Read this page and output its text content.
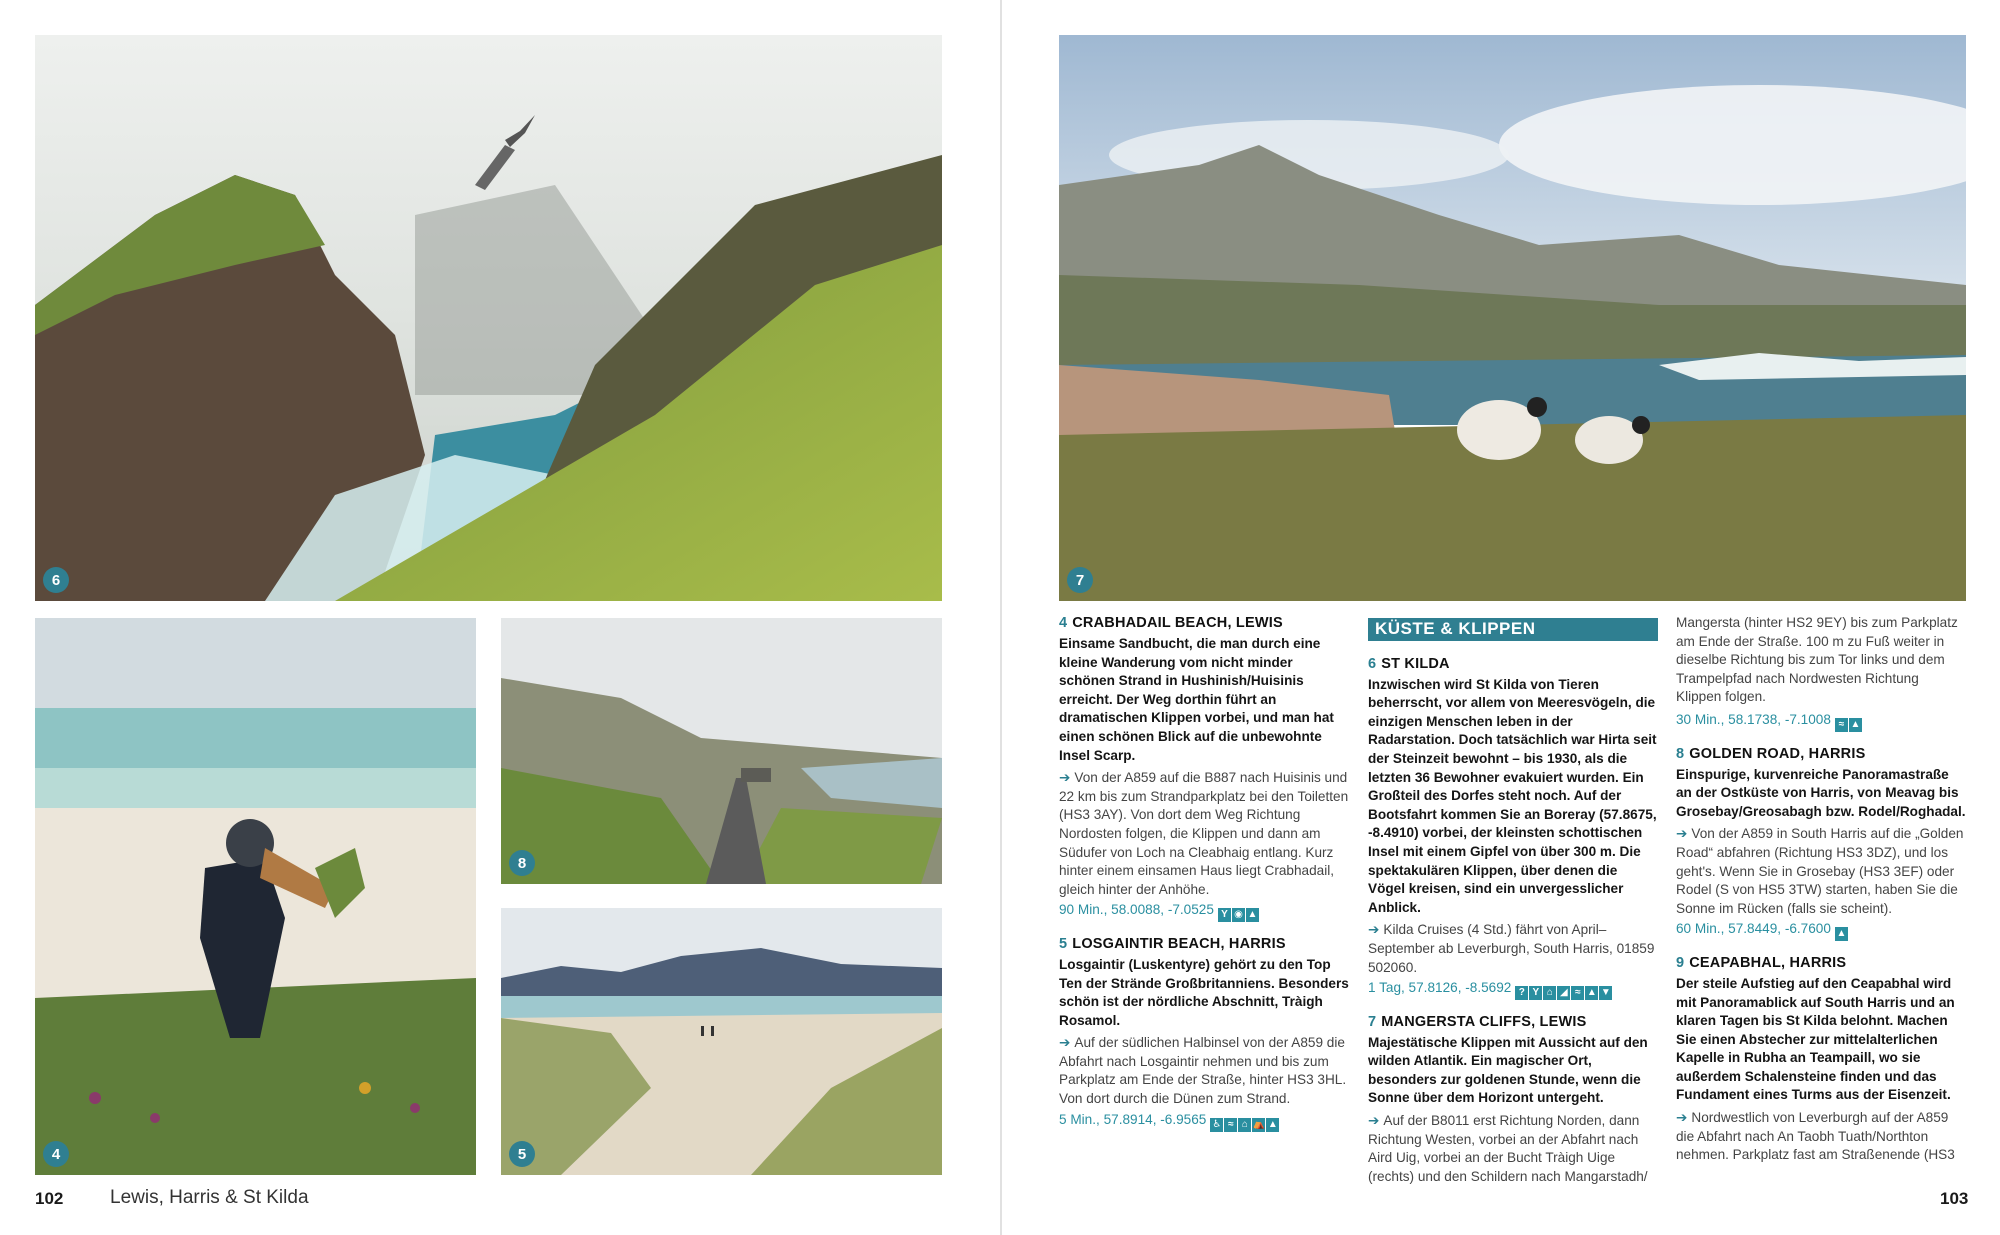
6
4
8
5
102 Lewis, Harris & St Kilda
7
4 CRABHADAIL BEACH, LEWIS

Einsame Sandbucht, die man durch eine kleine Wanderung vom nicht minder schönen Strand in Hushinish/Huisinis erreicht. Der Weg dorthin führt an dramatischen Klippen vorbei, und man hat einen schönen Blick auf die unbewohnte Insel Scarp.

➔ Von der A859 auf die B887 nach Huisinis und 22 km bis zum Strandparkplatz bei den Toiletten (HS3 3AY). Von dort dem Weg Richtung Nordosten folgen, die Klippen und dann am Südufer von Loch na Cleabhaig entlang. Kurz hinter einem einsamen Haus liegt Crabhadail, gleich hinter der Anhöhe.

90 Min., 58.0088, -7.0525 Y ◉ ▲

5 LOSGAINTIR BEACH, HARRIS

Losgaintir (Luskentyre) gehört zu den Top Ten der Strände Großbritanniens. Besonders schön ist der nördliche Abschnitt, Tràigh Rosamol.

➔ Auf der südlichen Halbinsel von der A859 die Abfahrt nach Losgaintir nehmen und bis zum Parkplatz am Ende der Straße, hinter HS3 3HL. Von dort durch die Dünen zum Strand.

5 Min., 57.8914, -6.9565 ♿ ≈ ⌂ ⛺ ▲

KÜSTE & KLIPPEN
6 ST KILDA

Inzwischen wird St Kilda von Tieren beherrscht, vor allem von Meeresvögeln, die einzigen Menschen leben in der Radarstation. Doch tatsächlich war Hirta seit der Steinzeit bewohnt – bis 1930, als die letzten 36 Bewohner evakuiert wurden. Ein Großteil des Dorfes steht noch. Auf der Bootsfahrt kommen Sie an Boreray (57.8675, -8.4910) vorbei, der kleinsten schottischen Insel mit einem Gipfel von über 300 m. Die spektakulären Klippen, über denen die Vögel kreisen, sind ein unvergesslicher Anblick.

➔ Kilda Cruises (4 Std.) fährt von April–September ab Leverburgh, South Harris, 01859 502060.

1 Tag, 57.8126, -8.5692 ? Y ⌂ ◢ ≈ ▲ ▼

7 MANGERSTA CLIFFS, LEWIS

Majestätische Klippen mit Aussicht auf den wilden Atlantik. Ein magischer Ort, besonders zur goldenen Stunde, wenn die Sonne über dem Horizont untergeht.

➔ Auf der B8011 erst Richtung Norden, dann Richtung Westen, vorbei an der Abfahrt nach Aird Uig, vorbei an der Bucht Tràigh Uige (rechts) und den Schildern nach Mangarstadh/

Mangersta (hinter HS2 9EY) bis zum Parkplatz am Ende der Straße. 100 m zu Fuß weiter in dieselbe Richtung bis zum Tor links und dem Trampelpfad nach Nordwesten Richtung Klippen folgen.

30 Min., 58.1738, -7.1008 ≈ ▲

8 GOLDEN ROAD, HARRIS

Einspurige, kurvenreiche Panoramastraße an der Ostküste von Harris, von Meavag bis Grosebay/Greosabagh bzw. Rodel/Roghadal.

➔ Von der A859 in South Harris auf die „Golden Road“ abfahren (Richtung HS3 3DZ), und los geht's. Wenn Sie in Grosebay (HS3 3EF) oder Rodel (S von HS5 3TW) starten, haben Sie die Sonne im Rücken (falls sie scheint).

60 Min., 57.8449, -6.7600 ▲

9 CEAPABHAL, HARRIS

Der steile Aufstieg auf den Ceapabhal wird mit Panoramablick auf South Harris und an klaren Tagen bis St Kilda belohnt. Machen Sie einen Abstecher zur mittelalterlichen Kapelle in Rubha an Teampaill, wo sie außerdem Schalensteine finden und das Fundament eines Turms aus der Eisenzeit.

➔ Nordwestlich von Leverburgh auf der A859 die Abfahrt nach An Taobh Tuath/Northton nehmen. Parkplatz fast am Straßenende (HS3

103
